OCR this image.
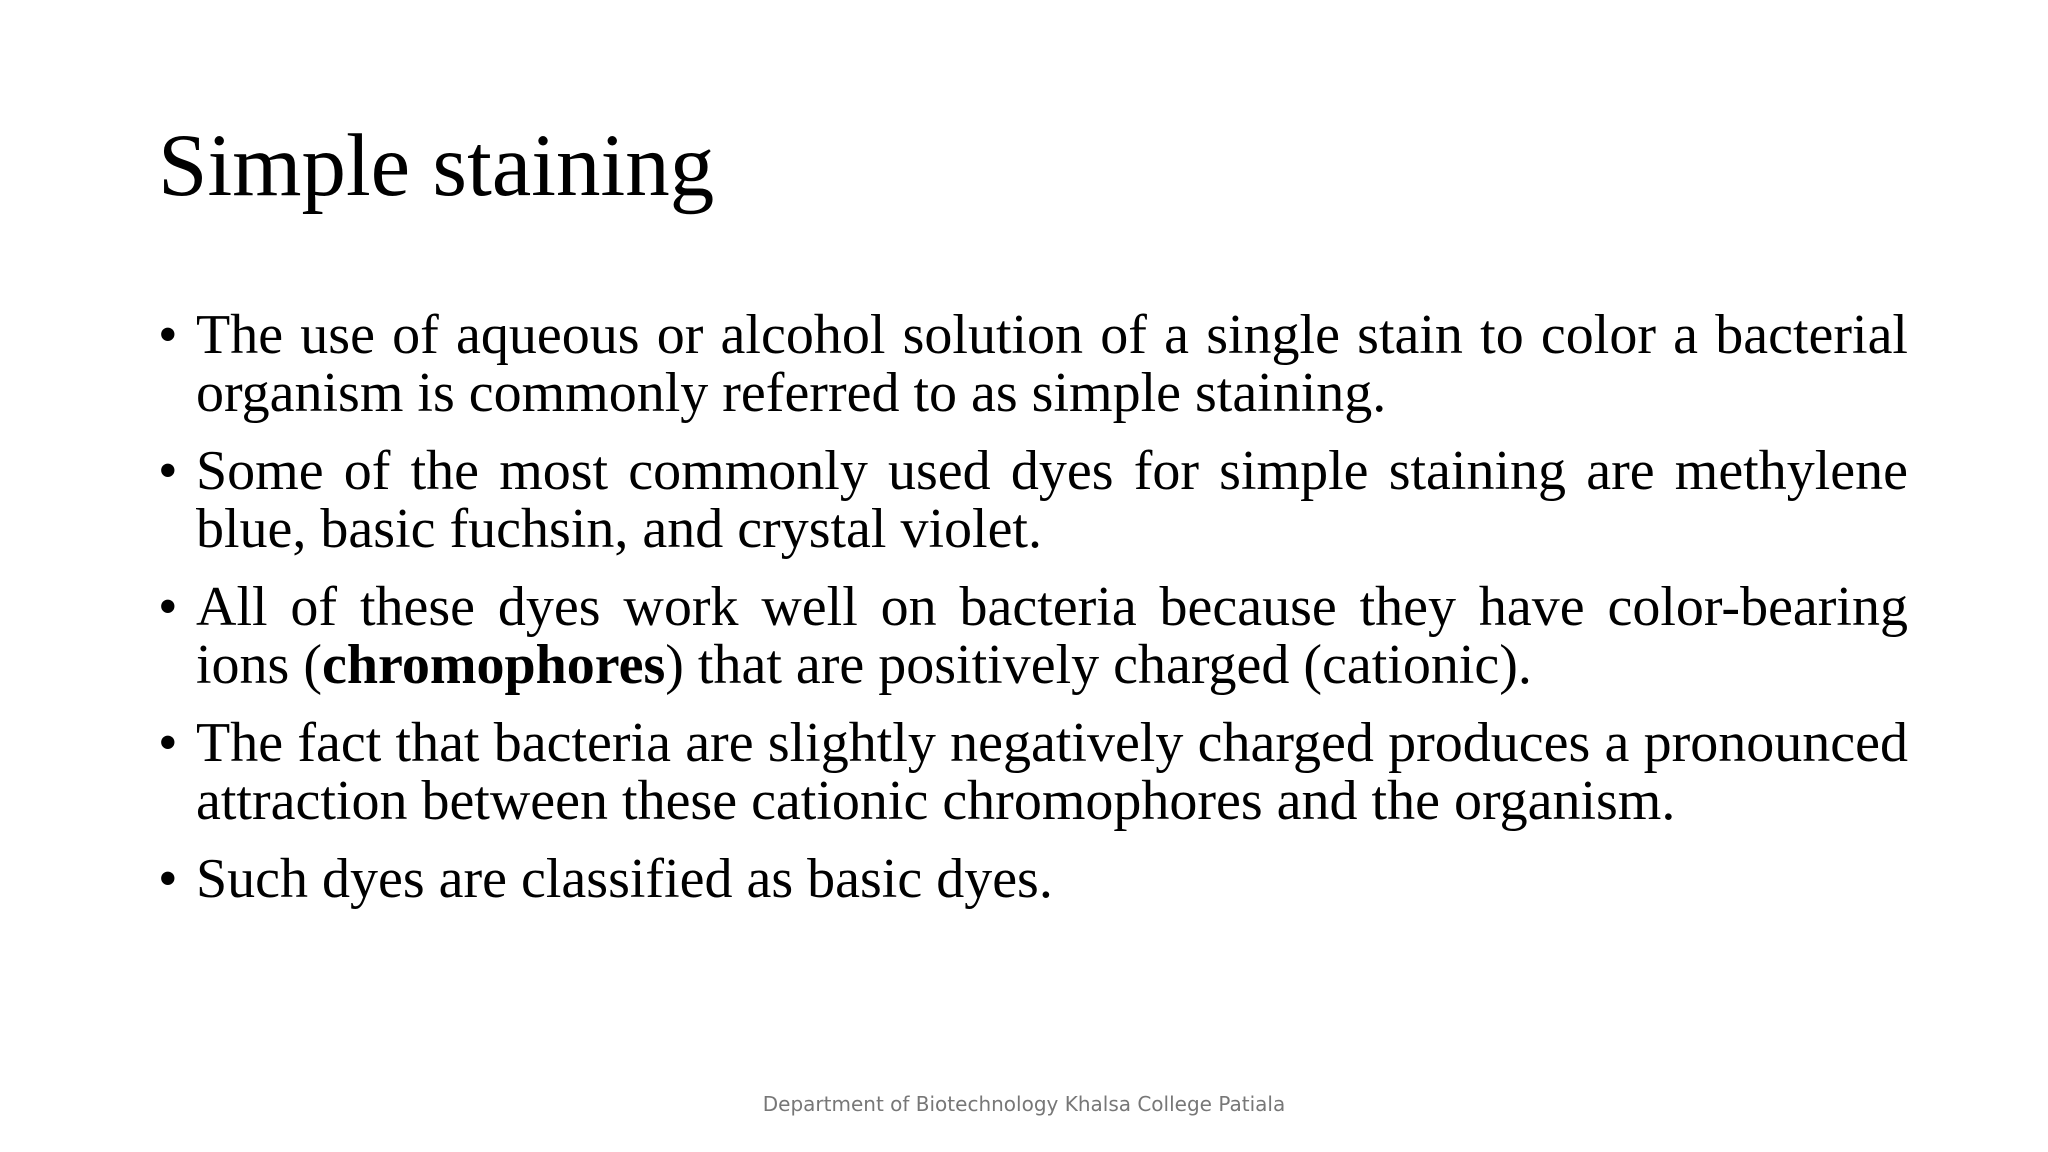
Simple staining
• The use of aqueous or alcohol solution of a single stain to color a bacterial organism is commonly referred to as simple staining.
• Some of the most commonly used dyes for simple staining are methylene blue, basic fuchsin, and crystal violet.
• All of these dyes work well on bacteria because they have color-bearing ions (chromophores) that are positively charged (cationic).
• The fact that bacteria are slightly negatively charged produces a pronounced attraction between these cationic chromophores and the organism.
• Such dyes are classified as basic dyes.
Department of Biotechnology Khalsa College Patiala
